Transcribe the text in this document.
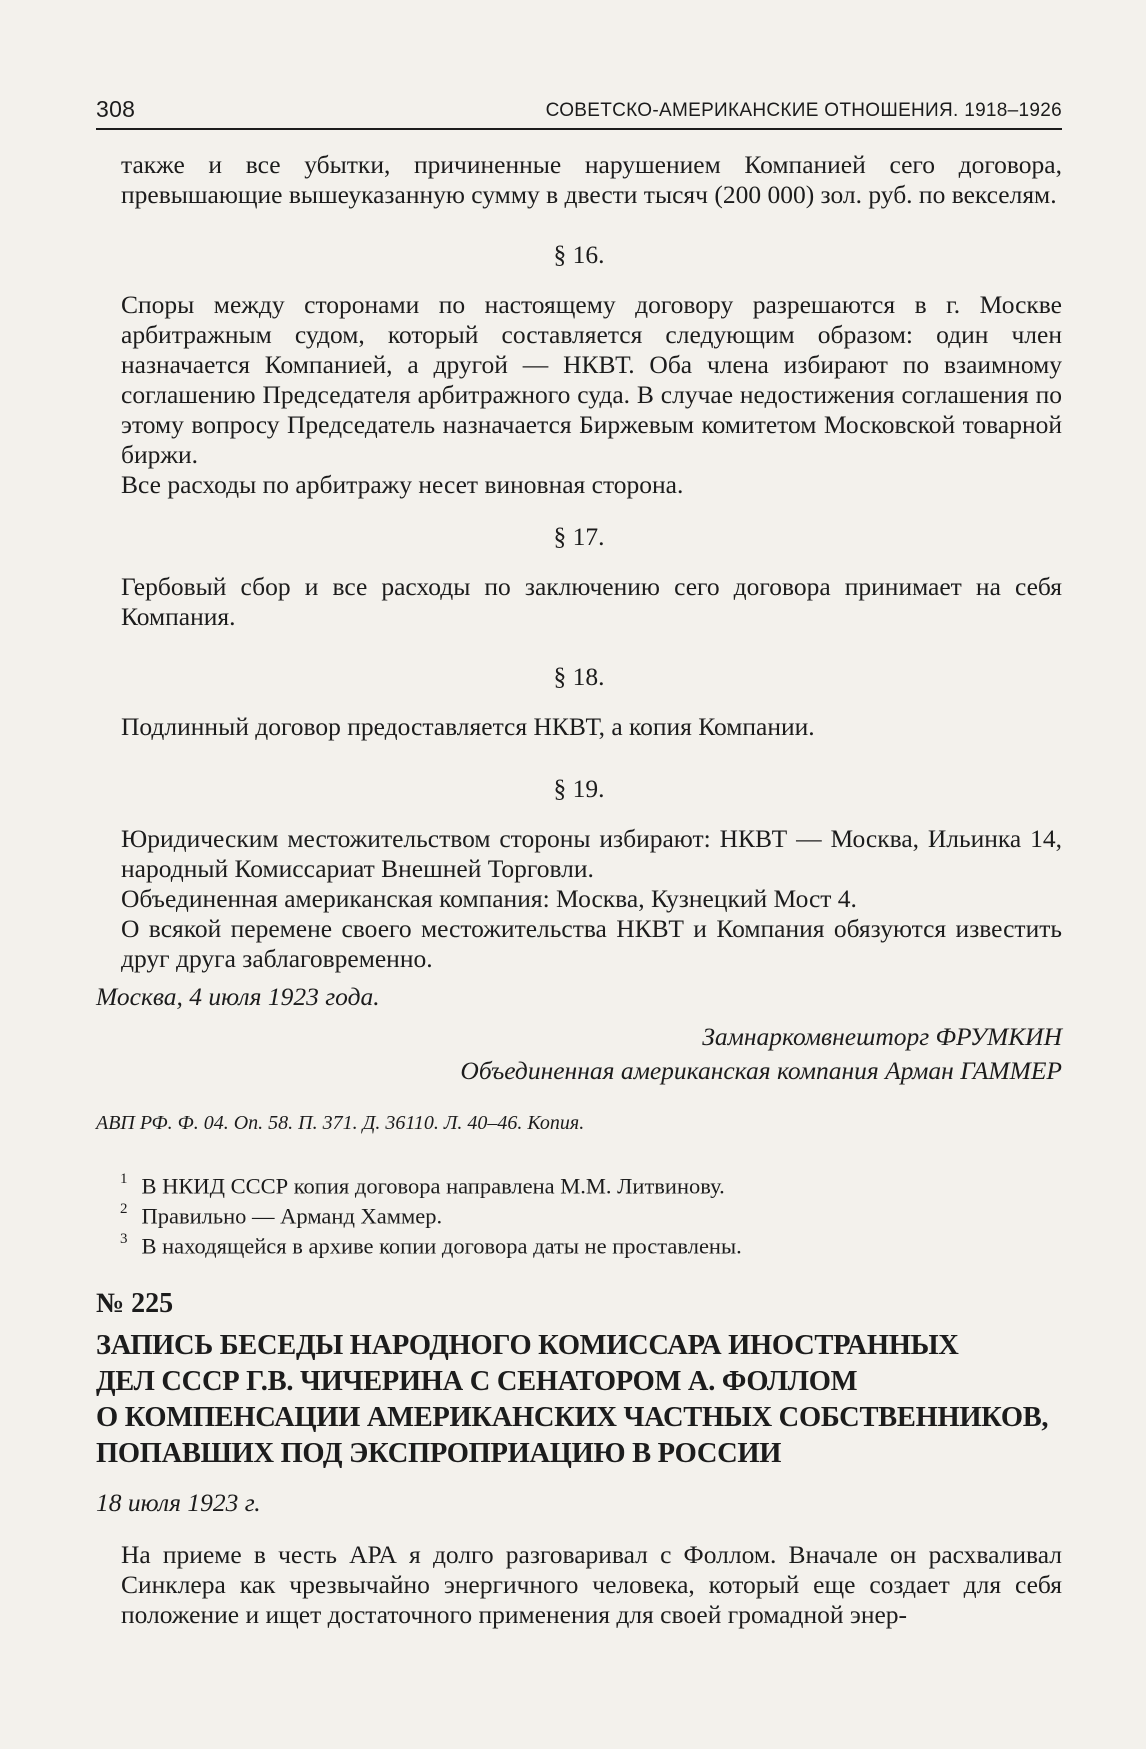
308	СОВЕТСКО-АМЕРИКАНСКИЕ ОТНОШЕНИЯ. 1918–1926

также и все убытки, причиненные нарушением Компанией сего договора, превышающие вышеуказанную сумму в двести тысяч (200 000) зол. руб. по векселям.

§ 16.

Споры между сторонами по настоящему договору разрешаются в г. Москве арбитражным судом, который составляется следующим образом: один член назначается Компанией, а другой — НКВТ. Оба члена избирают по взаимному соглашению Председателя арбитражного суда. В случае недостижения соглашения по этому вопросу Председатель назначается Биржевым комитетом Московской товарной биржи.

Все расходы по арбитражу несет виновная сторона.

§ 17.

Гербовый сбор и все расходы по заключению сего договора принимает на себя Компания.

§ 18.

Подлинный договор предоставляется НКВТ, а копия Компании.

§ 19.

Юридическим местожительством стороны избирают: НКВТ — Москва, Ильинка 14, народный Комиссариат Внешней Торговли.

Объединенная американская компания: Москва, Кузнецкий Мост 4.

О всякой перемене своего местожительства НКВТ и Компания обязуются известить друг друга заблаговременно.

Москва, 4 июля 1923 года.
Замнаркомвнешторг ФРУМКИН
Объединенная американская компания Арман ГАММЕР
АВП РФ. Ф. 04. Оп. 58. П. 371. Д. 36110. Л. 40–46. Копия.
$^1$ В НКИД СССР копия договора направлена М.М. Литвинову.
$^2$ Правильно — Арманд Хаммер.
$^3$ В находящейся в архиве копии договора даты не проставлены.
№ 225
ЗАПИСЬ БЕСЕДЫ НАРОДНОГО КОМИССАРА ИНОСТРАННЫХ
ДЕЛ СССР Г.В. ЧИЧЕРИНА С СЕНАТОРОМ А. ФОЛЛОМ
О КОМПЕНСАЦИИ АМЕРИКАНСКИХ ЧАСТНЫХ СОБСТВЕННИКОВ,
ПОПАВШИХ ПОД ЭКСПРОПРИАЦИЮ В РОССИИ
18 июля 1923 г.
На приеме в честь АРА я долго разговаривал с Фоллом. Вначале он расхваливал Синклера как чрезвычайно энергичного человека, который еще создает для себя положение и ищет достаточного применения для своей громадной энер-
